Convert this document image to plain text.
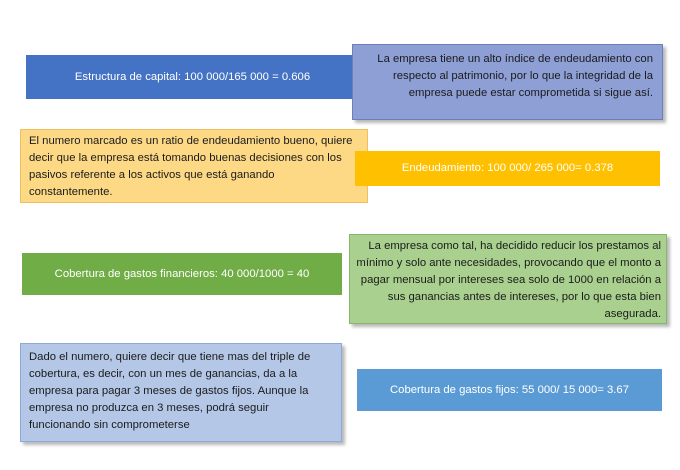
Estructura de capital: 100 000/165 000 = 0.606
La empresa tiene un alto índice de endeudamiento con respecto al patrimonio, por lo que la integridad de la empresa puede estar comprometida si sigue así.
El numero marcado es un ratio de endeudamiento bueno, quiere decir que la empresa está tomando buenas decisiones con los pasivos referente a los activos que está ganando constantemente.
Endeudamiento: 100 000/ 265 000= 0.378
Cobertura de gastos financieros: 40 000/1000 = 40
La empresa como tal, ha decidido reducir los prestamos al mínimo y solo ante necesidades, provocando que el monto a pagar mensual por intereses sea solo de 1000 en relación a sus ganancias antes de intereses, por lo que esta bien asegurada.
Dado el numero, quiere decir que tiene mas del triple de cobertura, es decir, con un mes de ganancias, da a la empresa para pagar 3 meses de gastos fijos. Aunque la empresa no produzca en 3 meses, podrá seguir funcionando sin comprometerse
Cobertura de gastos fijos: 55 000/ 15 000= 3.67
